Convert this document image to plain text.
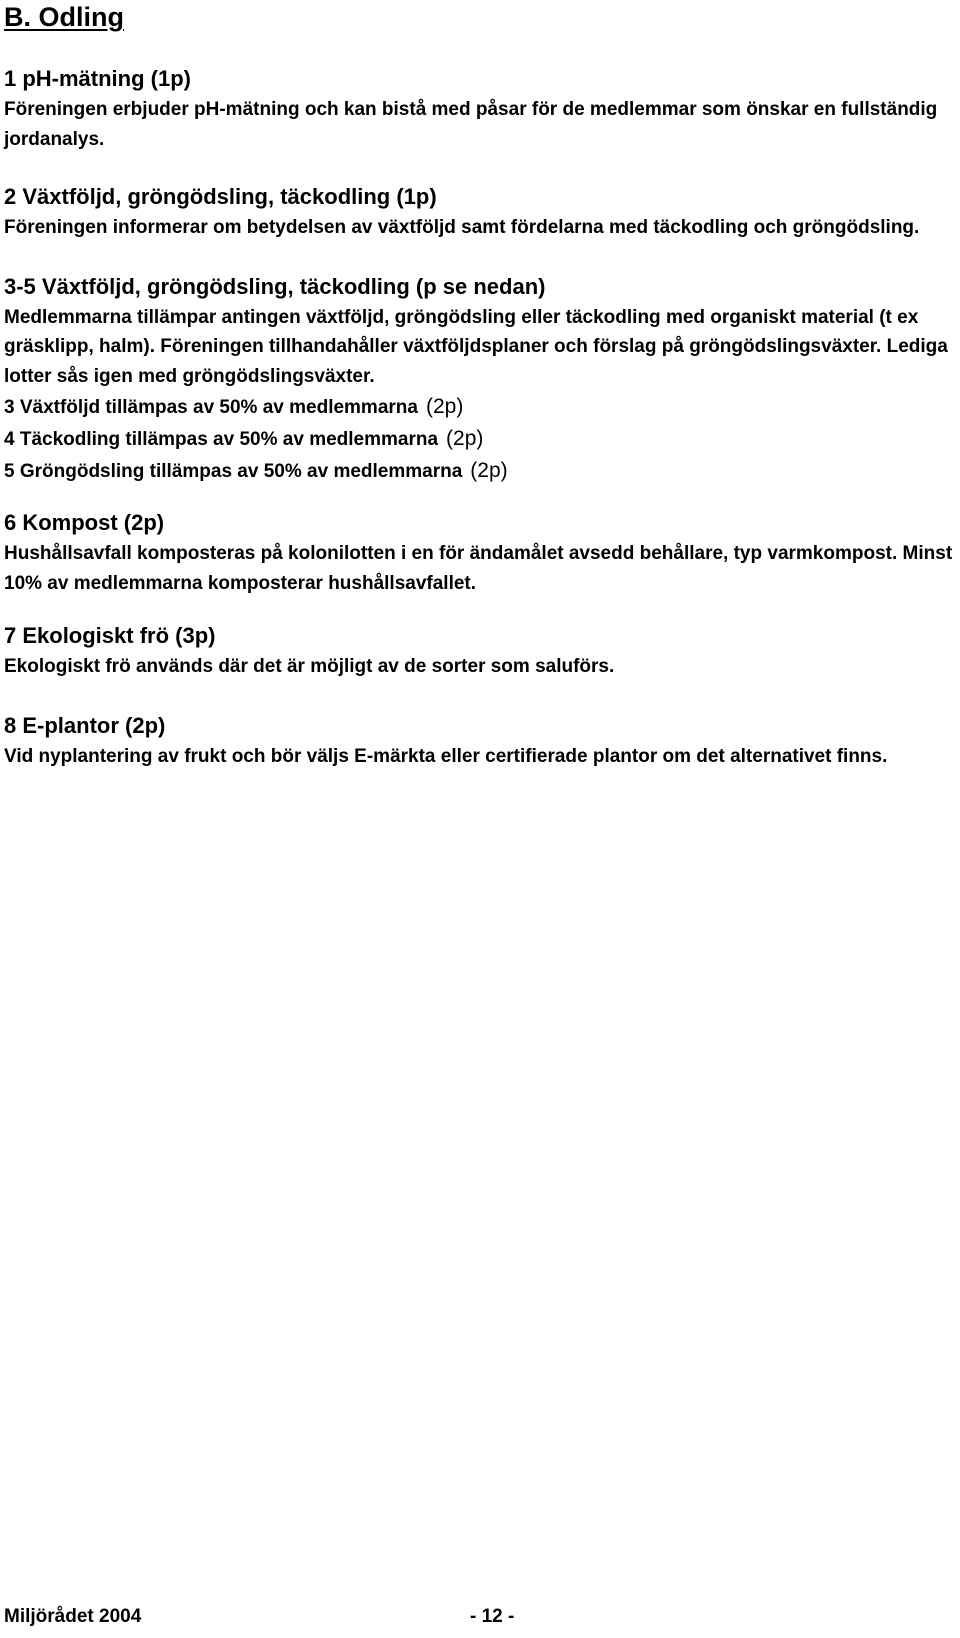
B. Odling

1 pH-mätning (1p)

Föreningen erbjuder pH-mätning och kan bistå med påsar för de medlemmar som önskar en fullständig jordanalys.

2 Växtföljd, gröngödsling, täckodling (1p)

Föreningen informerar om betydelsen av växtföljd samt fördelarna med täckodling och gröngödsling.

3-5 Växtföljd, gröngödsling, täckodling (p se nedan)

Medlemmarna tillämpar antingen växtföljd, gröngödsling eller täckodling med organiskt material (t ex gräsklipp, halm). Föreningen tillhandahåller växtföljdsplaner och förslag på gröngödslingsväxter. Lediga lotter sås igen med gröngödslingsväxter.

3 Växtföljd tillämpas av 50% av medlemmarna (2p)

4 Täckodling tillämpas av 50% av medlemmarna (2p)

5 Gröngödsling tillämpas av 50% av medlemmarna (2p)

6 Kompost (2p)

Hushållsavfall komposteras på kolonilotten i en för ändamålet avsedd behållare, typ varmkompost. Minst 10% av medlemmarna komposterar hushållsavfallet.

7 Ekologiskt frö (3p)

Ekologiskt frö används där det är möjligt av de sorter som saluförs.

8 E-plantor (2p)

Vid nyplantering av frukt och bör väljs E-märkta eller certifierade plantor om det alternativet finns.

Miljörådet 2004	- 12 -
